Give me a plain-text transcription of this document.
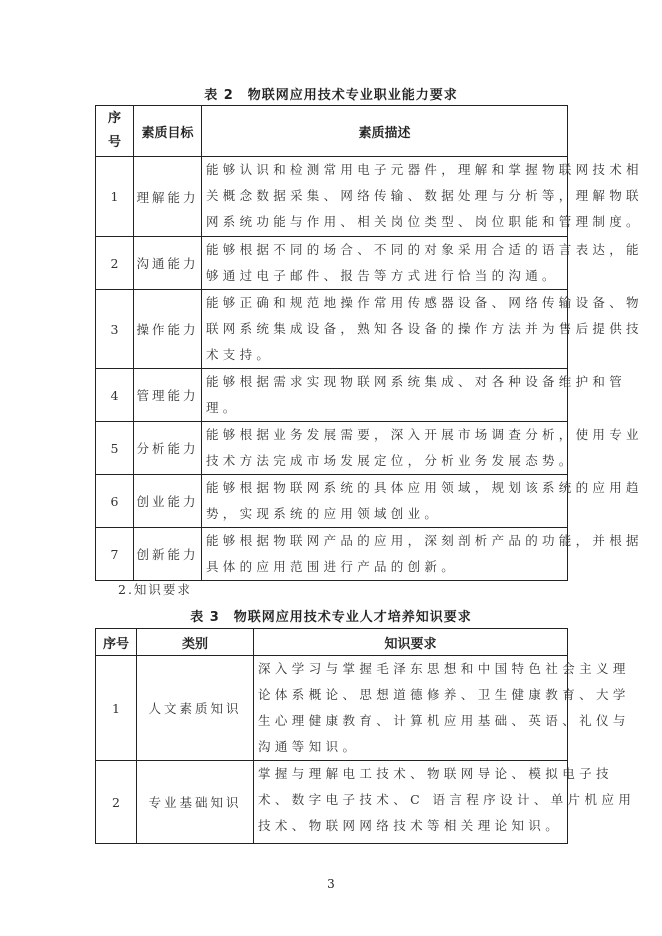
表 2　物联网应用技术专业职业能力要求
序号	素质目标	素质描述
1	理解能力	能够认识和检测常用电子元器件，理解和掌握物联网技术相
关概念数据采集、网络传输、数据处理与分析等，理解物联
网系统功能与作用、相关岗位类型、岗位职能和管理制度。

2	沟通能力	能够根据不同的场合、不同的对象采用合适的语言表达，能
够通过电子邮件、报告等方式进行恰当的沟通。

3	操作能力	能够正确和规范地操作常用传感器设备、网络传输设备、物
联网系统集成设备，熟知各设备的操作方法并为售后提供技
术支持。

4	管理能力	能够根据需求实现物联网系统集成、对各种设备维护和管
理。

5	分析能力	能够根据业务发展需要，深入开展市场调查分析，使用专业
技术方法完成市场发展定位，分析业务发展态势。

6	创业能力	能够根据物联网系统的具体应用领域，规划该系统的应用趋
势，实现系统的应用领域创业。

7	创新能力	能够根据物联网产品的应用，深刻剖析产品的功能，并根据
具体的应用范围进行产品的创新。
2.知识要求
表 3　物联网应用技术专业人才培养知识要求
序号	类别	知识要求
1	人文素质知识	深入学习与掌握毛泽东思想和中国特色社会主义理
论体系概论、思想道德修养、卫生健康教育、大学
生心理健康教育、计算机应用基础、英语、礼仪与
沟通等知识。

2	专业基础知识	掌握与理解电工技术、物联网导论、模拟电子技
术、数字电子技术、C 语言程序设计、单片机应用
技术、物联网网络技术等相关理论知识。
3
